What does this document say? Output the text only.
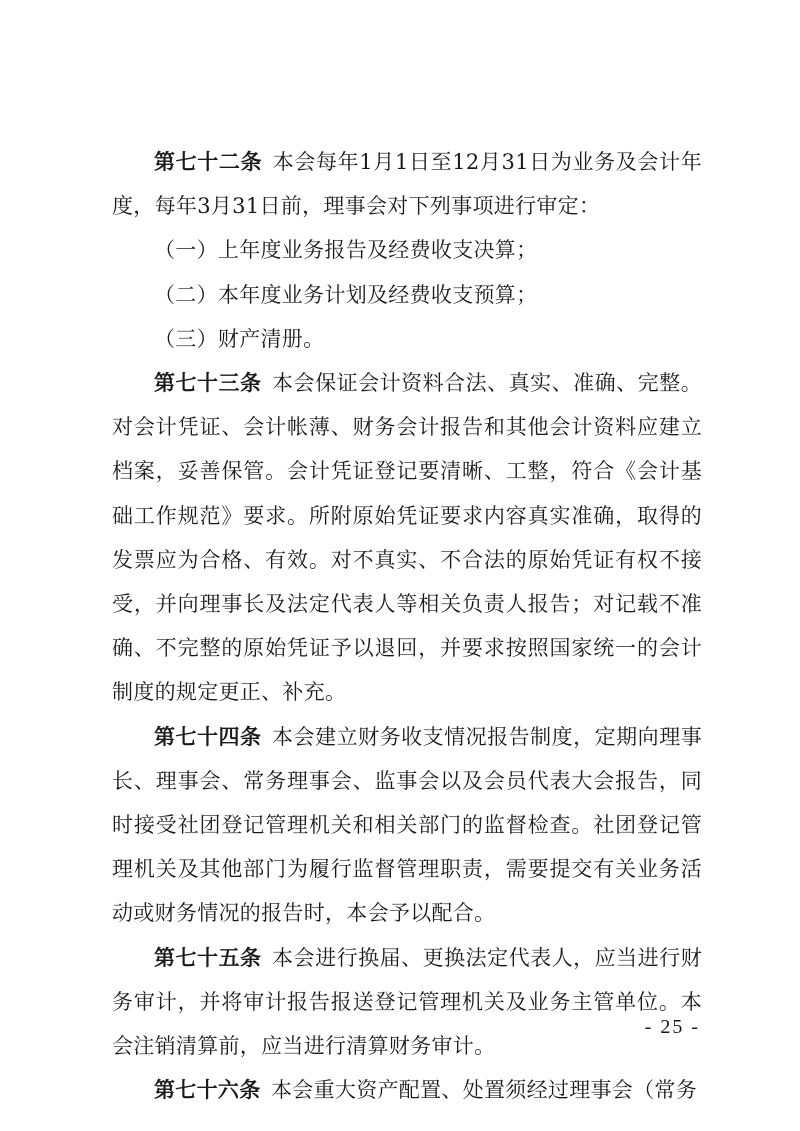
第七十二条 本会每年1月1日至12月31日为业务及会计年度，每年3月31日前，理事会对下列事项进行审定：

（一）上年度业务报告及经费收支决算；

（二）本年度业务计划及经费收支预算；

（三）财产清册。

第七十三条 本会保证会计资料合法、真实、准确、完整。对会计凭证、会计帐薄、财务会计报告和其他会计资料应建立档案，妥善保管。会计凭证登记要清晰、工整，符合《会计基础工作规范》要求。所附原始凭证要求内容真实准确，取得的发票应为合格、有效。对不真实、不合法的原始凭证有权不接受，并向理事长及法定代表人等相关负责人报告；对记载不准确、不完整的原始凭证予以退回，并要求按照国家统一的会计制度的规定更正、补充。

第七十四条 本会建立财务收支情况报告制度，定期向理事长、理事会、常务理事会、监事会以及会员代表大会报告，同时接受社团登记管理机关和相关部门的监督检查。社团登记管理机关及其他部门为履行监督管理职责，需要提交有关业务活动或财务情况的报告时，本会予以配合。

第七十五条 本会进行换届、更换法定代表人，应当进行财务审计，并将审计报告报送登记管理机关及业务主管单位。本会注销清算前，应当进行清算财务审计。

第七十六条 本会重大资产配置、处置须经过理事会（常务

- 25 -
